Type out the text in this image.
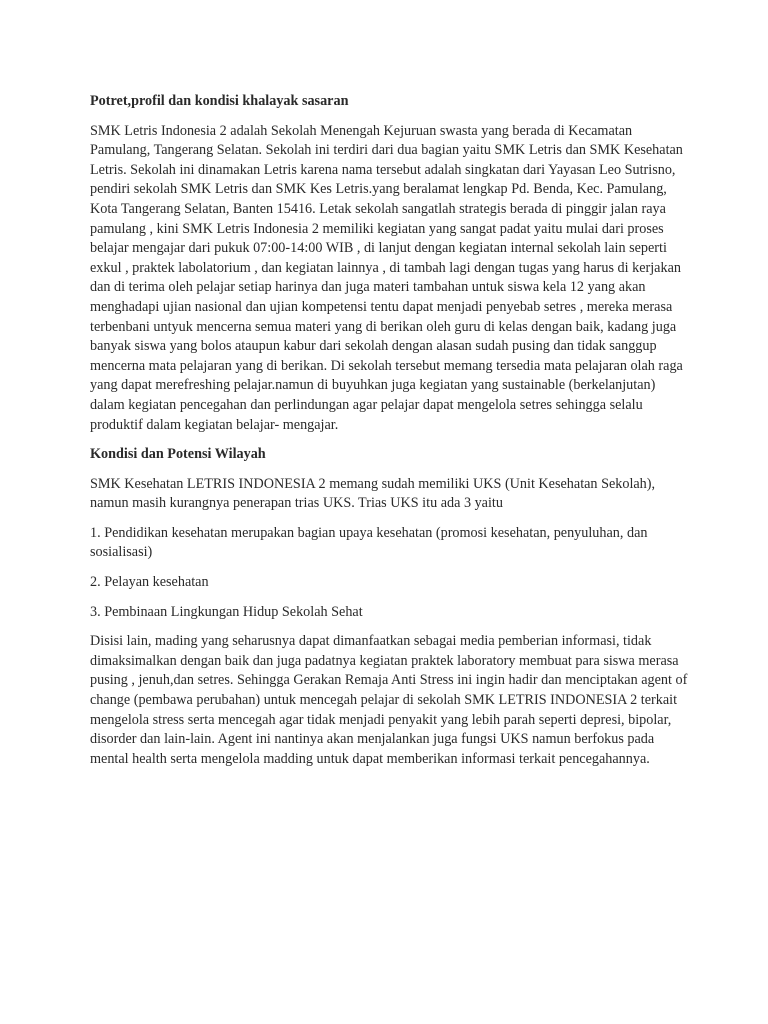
Potret,profil dan kondisi khalayak sasaran

SMK Letris Indonesia 2 adalah Sekolah Menengah Kejuruan swasta yang berada di Kecamatan Pamulang, Tangerang Selatan. Sekolah ini terdiri dari dua bagian yaitu SMK Letris dan SMK Kesehatan Letris. Sekolah ini dinamakan Letris karena nama tersebut adalah singkatan dari Yayasan Leo Sutrisno, pendiri sekolah SMK Letris dan SMK Kes Letris.yang beralamat lengkap Pd. Benda, Kec. Pamulang, Kota Tangerang Selatan, Banten 15416. Letak sekolah sangatlah strategis berada di pinggir jalan raya pamulang , kini SMK Letris Indonesia 2 memiliki kegiatan yang sangat padat yaitu mulai dari proses belajar mengajar dari pukuk 07:00-14:00 WIB , di lanjut dengan kegiatan internal sekolah lain seperti exkul , praktek labolatorium , dan kegiatan lainnya , di tambah lagi dengan tugas yang harus di kerjakan dan di terima oleh pelajar setiap harinya dan juga materi tambahan untuk siswa kela 12 yang akan menghadapi ujian nasional dan ujian kompetensi tentu dapat menjadi penyebab setres , mereka merasa terbenbani untyuk mencerna semua materi yang di berikan oleh guru di kelas dengan baik, kadang juga banyak siswa yang bolos ataupun kabur dari sekolah dengan alasan sudah pusing dan tidak sanggup mencerna mata pelajaran yang di berikan. Di sekolah tersebut memang tersedia mata pelajaran olah raga yang dapat merefreshing pelajar.namun di buyuhkan juga kegiatan yang sustainable (berkelanjutan) dalam kegiatan pencegahan dan perlindungan agar pelajar dapat mengelola setres sehingga selalu produktif dalam kegiatan belajar- mengajar.

Kondisi dan Potensi Wilayah

SMK Kesehatan LETRIS INDONESIA 2 memang sudah memiliki UKS (Unit Kesehatan Sekolah), namun masih kurangnya penerapan trias UKS. Trias UKS itu ada 3 yaitu

1. Pendidikan kesehatan merupakan bagian upaya kesehatan (promosi kesehatan, penyuluhan, dan sosialisasi)

2. Pelayan kesehatan

3. Pembinaan Lingkungan Hidup Sekolah Sehat

Disisi lain, mading yang seharusnya dapat dimanfaatkan sebagai media pemberian informasi, tidak dimaksimalkan dengan baik dan juga padatnya kegiatan praktek laboratory membuat para siswa merasa pusing , jenuh,dan setres. Sehingga Gerakan Remaja Anti Stress ini ingin hadir dan menciptakan agent of change (pembawa perubahan) untuk mencegah pelajar di sekolah SMK LETRIS INDONESIA 2 terkait mengelola stress serta mencegah agar tidak menjadi penyakit yang lebih parah seperti depresi, bipolar, disorder dan lain-lain. Agent ini nantinya akan menjalankan juga fungsi UKS namun berfokus pada mental health serta mengelola madding untuk dapat memberikan informasi terkait pencegahannya.
